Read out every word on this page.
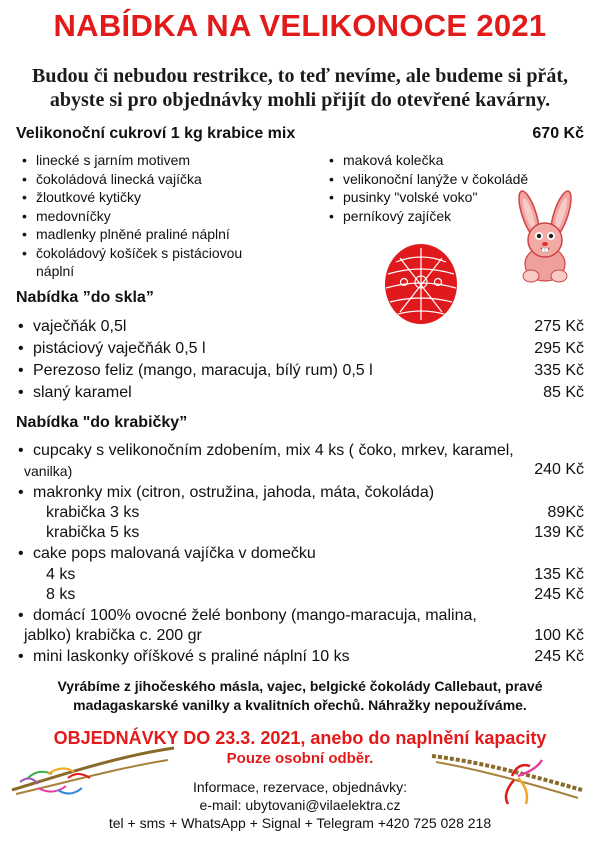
NABÍDKA NA VELIKONOCE 2021
Budou či nebudou restrikce, to teď nevíme, ale budeme si přát,
abyste si pro objednávky mohli přijít do otevřené kavárny.
Velikonoční cukroví 1 kg krabice mix	670 Kč
• linecké s jarním motivem
• čokoládová linecká vajíčka
• žloutkové kytičky
• medovníčky
• madlenky plněné praliné náplní
• čokoládový košíček s pistáciovou
náplní
• maková kolečka
• velikonoční lanýže v čokoládě
• pusinky "volské voko"
• perníkový zajíček
Nabídka ”do skla”
• vaječňák 0,5l	275 Kč
• pistáciový vaječňák 0,5 l	295 Kč
• Perezoso feliz (mango, maracuja, bílý rum) 0,5 l	335 Kč
• slaný karamel	85 Kč
Nabídka "do krabičky”
• cupcaky s velikonočním zdobením, mix 4 ks ( čoko, mrkev, karamel,
vanilka)	240 Kč
• makronky mix (citron, ostružina, jahoda, máta, čokoláda)
krabička 3 ks	89Kč
krabička 5 ks	139 Kč
• cake pops malovaná vajíčka v domečku
4 ks	135 Kč
8 ks	245 Kč
• domácí 100% ovocné želé bonbony (mango-maracuja, malina,
jablko) krabička c. 200 gr	100 Kč
• mini laskonky oříškové s praliné náplní 10 ks	245 Kč
Vyrábíme z jihočeského másla, vajec, belgické čokolády Callebaut, pravé
madagaskarské vanilky a kvalitních ořechů. Náhražky nepoužíváme.
OBJEDNÁVKY DO 23.3. 2021, anebo do naplnění kapacity
Pouze osobní odběr.
Informace, rezervace, objednávky:
e-mail: ubytovani@vilaelektra.cz
tel + sms + WhatsApp + Signal + Telegram +420 725 028 218
